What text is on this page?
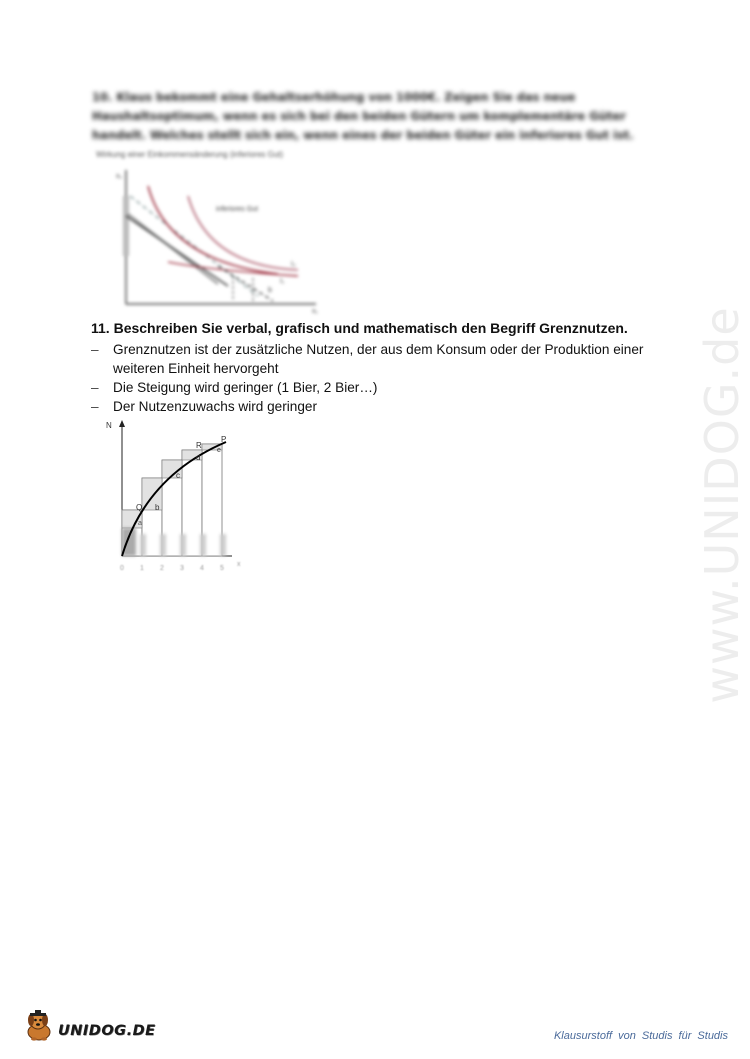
10. Klaus bekommt eine Gehaltserhöhung von 1000€. Zeigen Sie das neue
Haushaltsoptimum, wenn es sich bei den beiden Gütern um komplementäre Güter
handelt. Welches stellt sich ein, wenn eines der beiden Güter ein inferiores Gut ist.
Wirkung einer Einkommensänderung (inferiores Gut)
x₂
x₁
inferiores Gut
I₂
I₁
b
11. Beschreiben Sie verbal, grafisch und mathematisch den Begriff Grenznutzen.
–	Grenznutzen ist der zusätzliche Nutzen, der aus dem Konsum oder der Produktion einer weiteren Einheit hervorgeht
–	Die Steigung wird geringer (1 Bier, 2 Bier…)
–	Der Nutzenzuwachs wird geringer
N
x
Q
R
P
a
b
c
d
e
0 1 2 3 4 5	www.UNIDOG.de
UNIDOG.DE	Klausurstoff von Studis für Studis
